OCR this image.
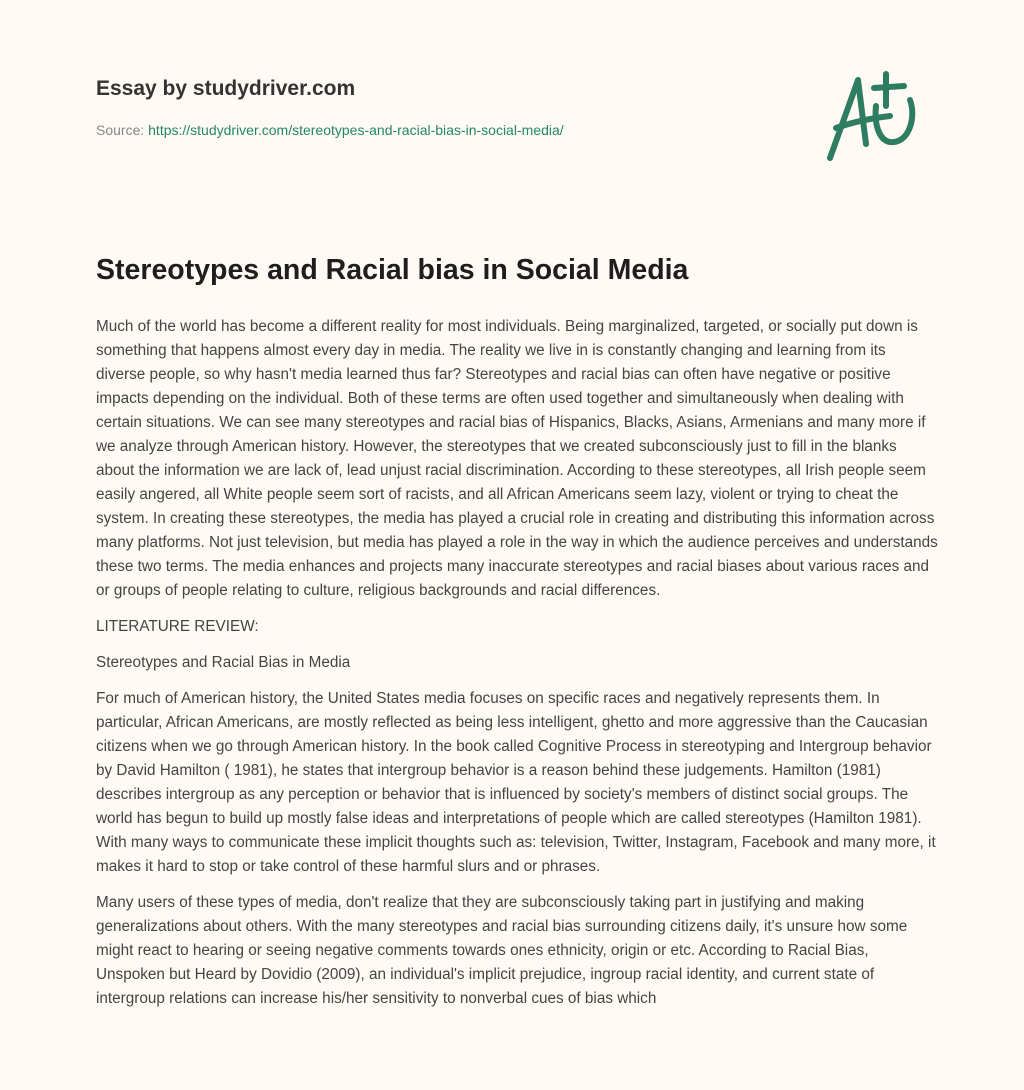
Essay by studydriver.com
Source: https://studydriver.com/stereotypes-and-racial-bias-in-social-media/
Stereotypes and Racial bias in Social Media

Much of the world has become a different reality for most individuals. Being marginalized, targeted, or socially put down is something that happens almost every day in media. The reality we live in is constantly changing and learning from its diverse people, so why hasn't media learned thus far? Stereotypes and racial bias can often have negative or positive impacts depending on the individual. Both of these terms are often used together and simultaneously when dealing with certain situations. We can see many stereotypes and racial bias of Hispanics, Blacks, Asians, Armenians and many more if we analyze through American history. However, the stereotypes that we created subconsciously just to fill in the blanks about the information we are lack of, lead unjust racial discrimination. According to these stereotypes, all Irish people seem easily angered, all White people seem sort of racists, and all African Americans seem lazy, violent or trying to cheat the system. In creating these stereotypes, the media has played a crucial role in creating and distributing this information across many platforms. Not just television, but media has played a role in the way in which the audience perceives and understands these two terms. The media enhances and projects many inaccurate stereotypes and racial biases about various races and or groups of people relating to culture, religious backgrounds and racial differences.

LITERATURE REVIEW:

Stereotypes and Racial Bias in Media

For much of American history, the United States media focuses on specific races and negatively represents them. In particular, African Americans, are mostly reflected as being less intelligent, ghetto and more aggressive than the Caucasian citizens when we go through American history. In the book called Cognitive Process in stereotyping and Intergroup behavior by David Hamilton ( 1981), he states that intergroup behavior is a reason behind these judgements. Hamilton (1981) describes intergroup as any perception or behavior that is influenced by society's members of distinct social groups. The world has begun to build up mostly false ideas and interpretations of people which are called stereotypes (Hamilton 1981). With many ways to communicate these implicit thoughts such as: television, Twitter, Instagram, Facebook and many more, it makes it hard to stop or take control of these harmful slurs and or phrases.

Many users of these types of media, don't realize that they are subconsciously taking part in justifying and making generalizations about others. With the many stereotypes and racial bias surrounding citizens daily, it's unsure how some might react to hearing or seeing negative comments towards ones ethnicity, origin or etc. According to Racial Bias, Unspoken but Heard by Dovidio (2009), an individual's implicit prejudice, ingroup racial identity, and current state of intergroup relations can increase his/her sensitivity to nonverbal cues of bias which
